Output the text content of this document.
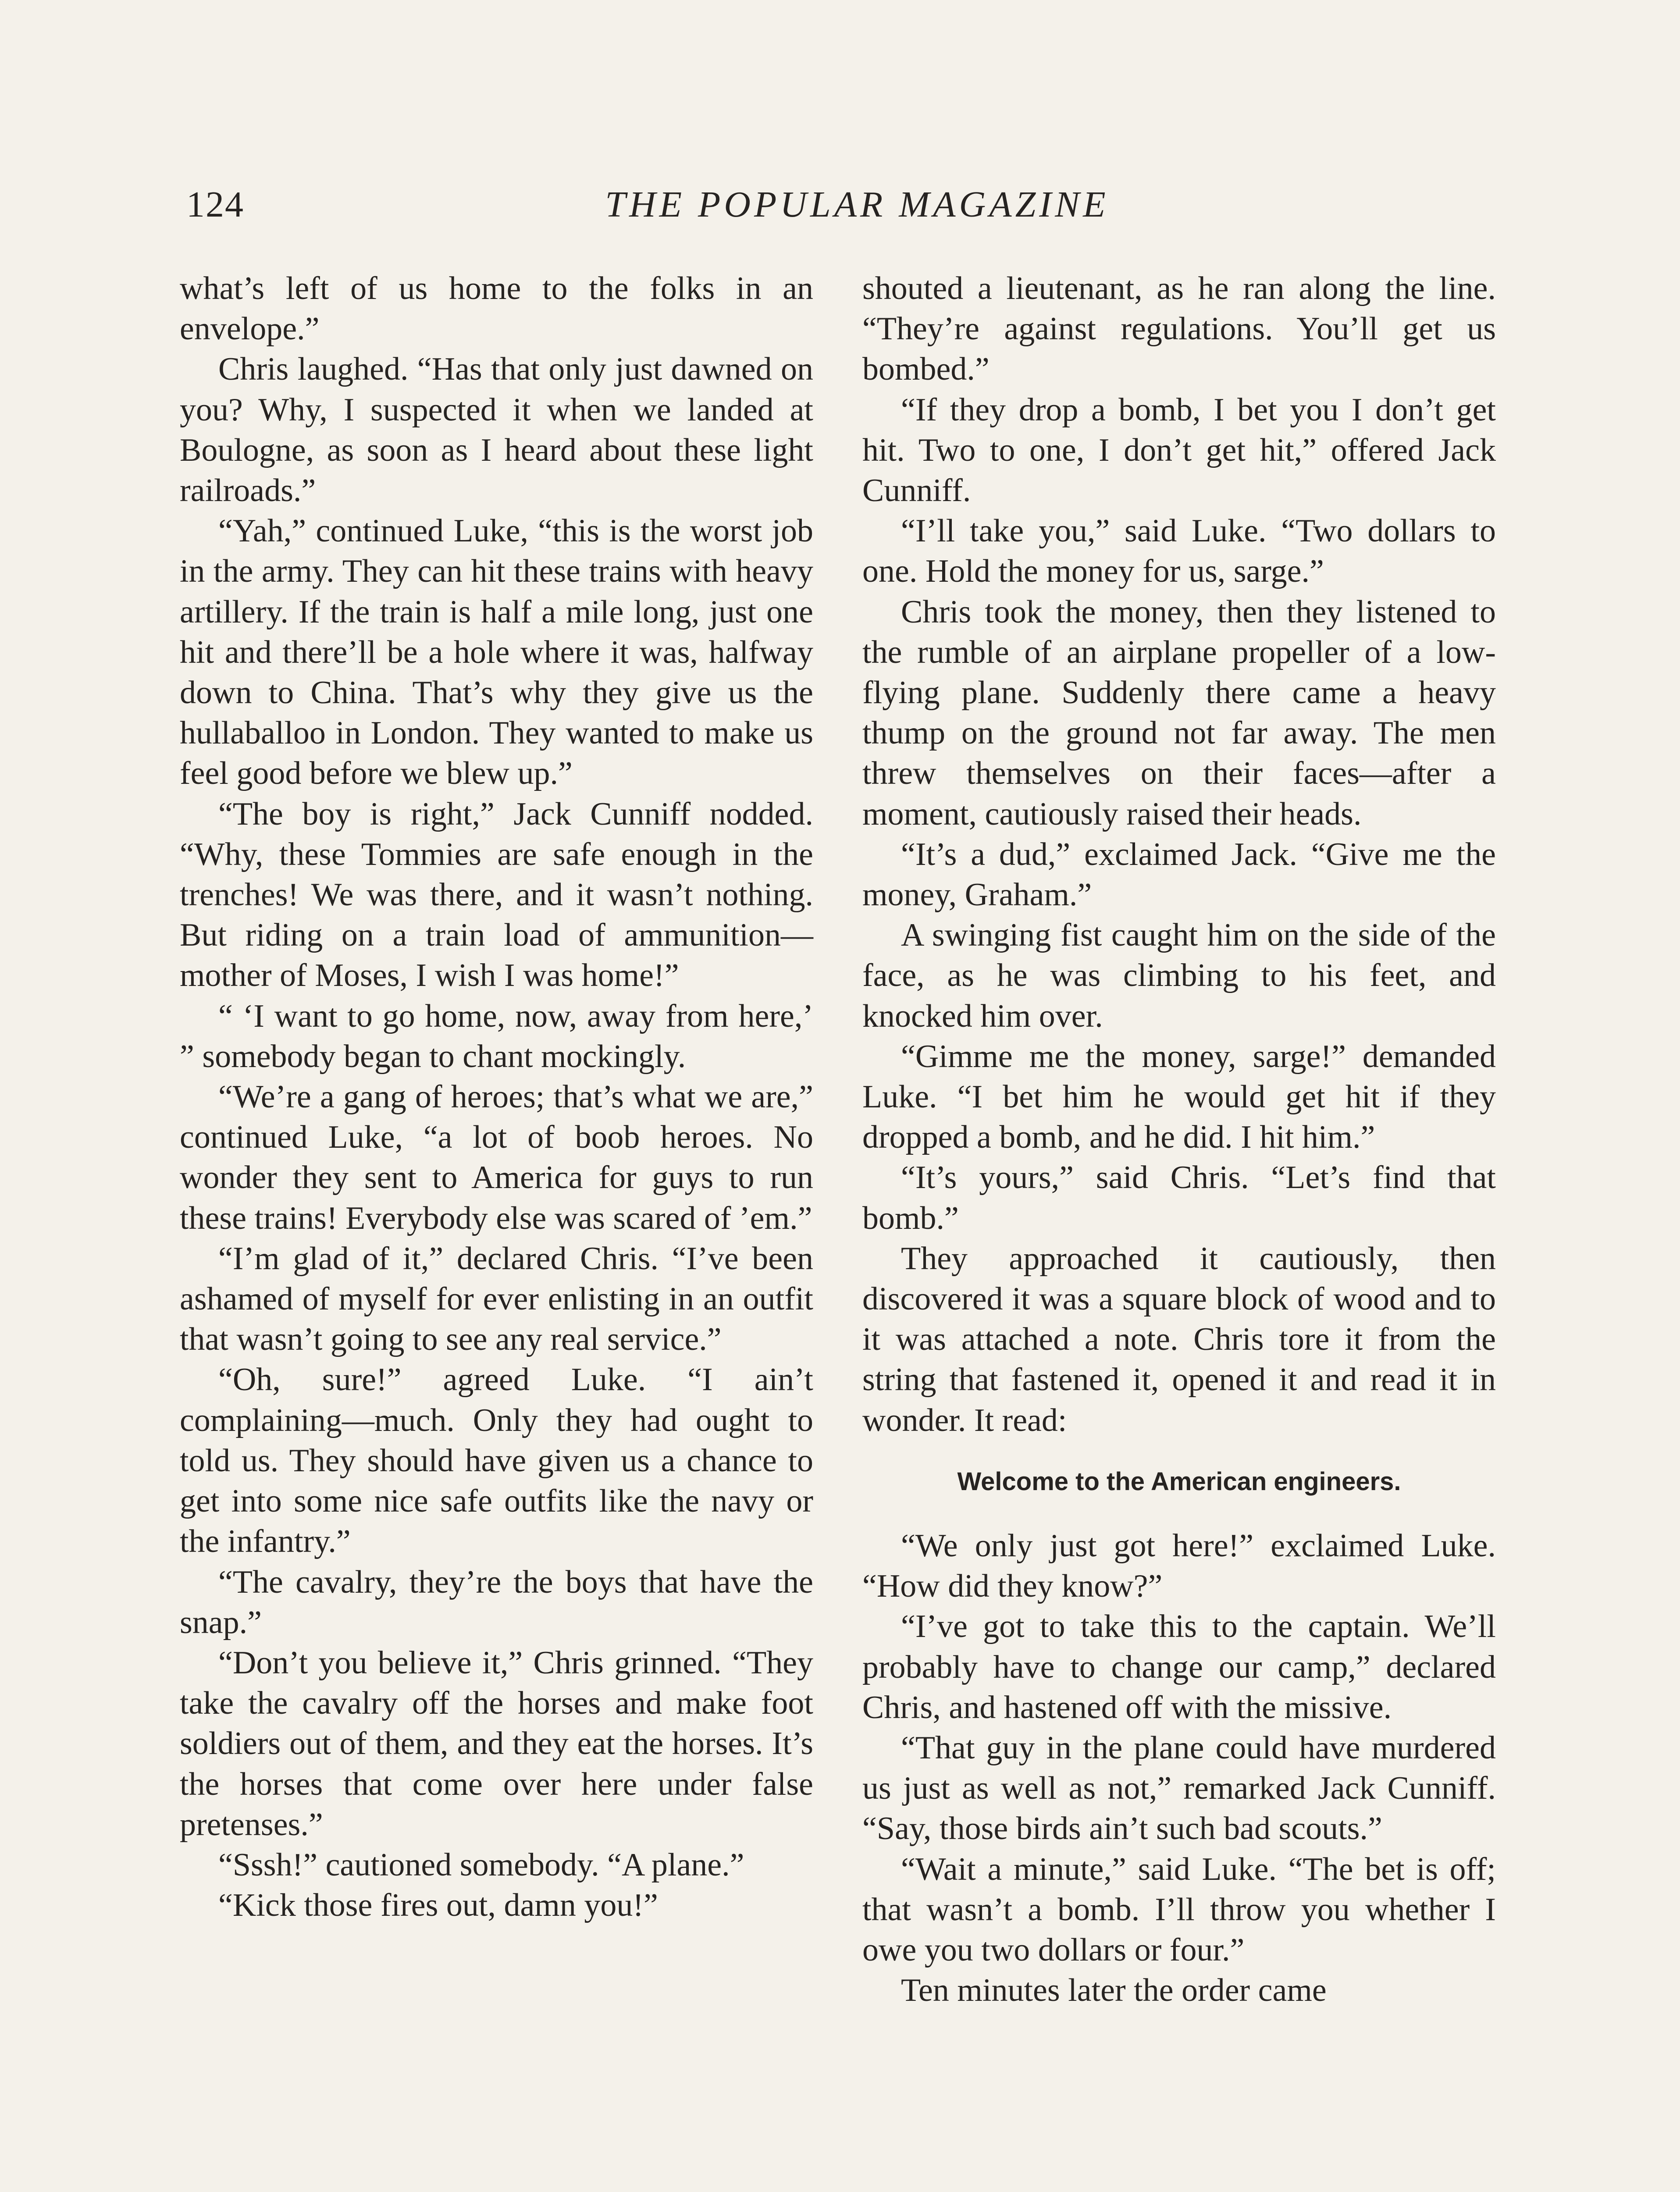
124	THE POPULAR MAGAZINE

what’s left of us home to the folks in an envelope.”

Chris laughed. “Has that only just dawned on you? Why, I suspected it when we landed at Boulogne, as soon as I heard about these light railroads.”

“Yah,” continued Luke, “this is the worst job in the army. They can hit these trains with heavy artillery. If the train is half a mile long, just one hit and there’ll be a hole where it was, halfway down to China. That’s why they give us the hullaballoo in London. They wanted to make us feel good before we blew up.”

“The boy is right,” Jack Cunniff nodded. “Why, these Tommies are safe enough in the trenches! We was there, and it wasn’t nothing. But riding on a train load of ammunition—mother of Moses, I wish I was home!”

“ ‘I want to go home, now, away from here,’ ” somebody began to chant mockingly.

“We’re a gang of heroes; that’s what we are,” continued Luke, “a lot of boob heroes. No wonder they sent to America for guys to run these trains! Everybody else was scared of ’em.”

“I’m glad of it,” declared Chris. “I’ve been ashamed of myself for ever enlisting in an outfit that wasn’t going to see any real service.”

“Oh, sure!” agreed Luke. “I ain’t complaining—much. Only they had ought to told us. They should have given us a chance to get into some nice safe outfits like the navy or the infantry.”

“The cavalry, they’re the boys that have the snap.”

“Don’t you believe it,” Chris grinned. “They take the cavalry off the horses and make foot soldiers out of them, and they eat the horses. It’s the horses that come over here under false pretenses.”

“Sssh!” cautioned somebody. “A plane.”

“Kick those fires out, damn you!”

shouted a lieutenant, as he ran along the line. “They’re against regulations. You’ll get us bombed.”

“If they drop a bomb, I bet you I don’t get hit. Two to one, I don’t get hit,” offered Jack Cunniff.

“I’ll take you,” said Luke. “Two dollars to one. Hold the money for us, sarge.”

Chris took the money, then they listened to the rumble of an airplane propeller of a low-flying plane. Suddenly there came a heavy thump on the ground not far away. The men threw themselves on their faces—after a moment, cautiously raised their heads.

“It’s a dud,” exclaimed Jack. “Give me the money, Graham.”

A swinging fist caught him on the side of the face, as he was climbing to his feet, and knocked him over.

“Gimme me the money, sarge!” demanded Luke. “I bet him he would get hit if they dropped a bomb, and he did. I hit him.”

“It’s yours,” said Chris. “Let’s find that bomb.”

They approached it cautiously, then discovered it was a square block of wood and to it was attached a note. Chris tore it from the string that fastened it, opened it and read it in wonder. It read:

Welcome to the American engineers.

“We only just got here!” exclaimed Luke. “How did they know?”

“I’ve got to take this to the captain. We’ll probably have to change our camp,” declared Chris, and hastened off with the missive.

“That guy in the plane could have murdered us just as well as not,” remarked Jack Cunniff. “Say, those birds ain’t such bad scouts.”

“Wait a minute,” said Luke. “The bet is off; that wasn’t a bomb. I’ll throw you whether I owe you two dollars or four.”

Ten minutes later the order came
